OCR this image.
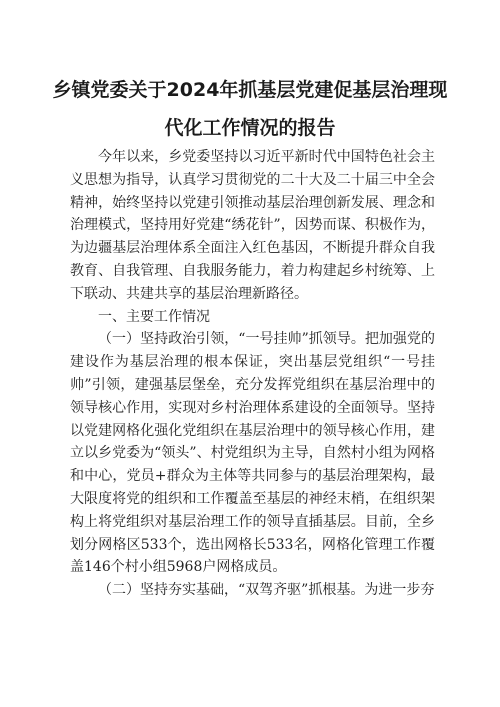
乡镇党委关于2024年抓基层党建促基层治理现
代化工作情况的报告

今年以来，乡党委坚持以习近平新时代中国特色社会主义思想为指导，认真学习贯彻党的二十大及二十届三中全会精神，始终坚持以党建引领推动基层治理创新发展、理念和治理模式，坚持用好党建“绣花针”，因势而谋、积极作为，为边疆基层治理体系全面注入红色基因，不断提升群众自我教育、自我管理、自我服务能力，着力构建起乡村统筹、上下联动、共建共享的基层治理新路径。

一、主要工作情况

（一）坚持政治引领，“一号挂帅”抓领导。把加强党的建设作为基层治理的根本保证，突出基层党组织“一号挂帅”引领，建强基层堡垒，充分发挥党组织在基层治理中的领导核心作用，实现对乡村治理体系建设的全面领导。坚持以党建网格化强化党组织在基层治理中的领导核心作用，建立以乡党委为“领头”、村党组织为主导，自然村小组为网格和中心，党员+群众为主体等共同参与的基层治理架构，最大限度将党的组织和工作覆盖至基层的神经末梢，在组织架构上将党组织对基层治理工作的领导直插基层。目前，全乡划分网格区533个，选出网格长533名，网格化管理工作覆盖146个村小组5968户网格成员。

（二）坚持夯实基础，“双驾齐驱”抓根基。为进一步夯
